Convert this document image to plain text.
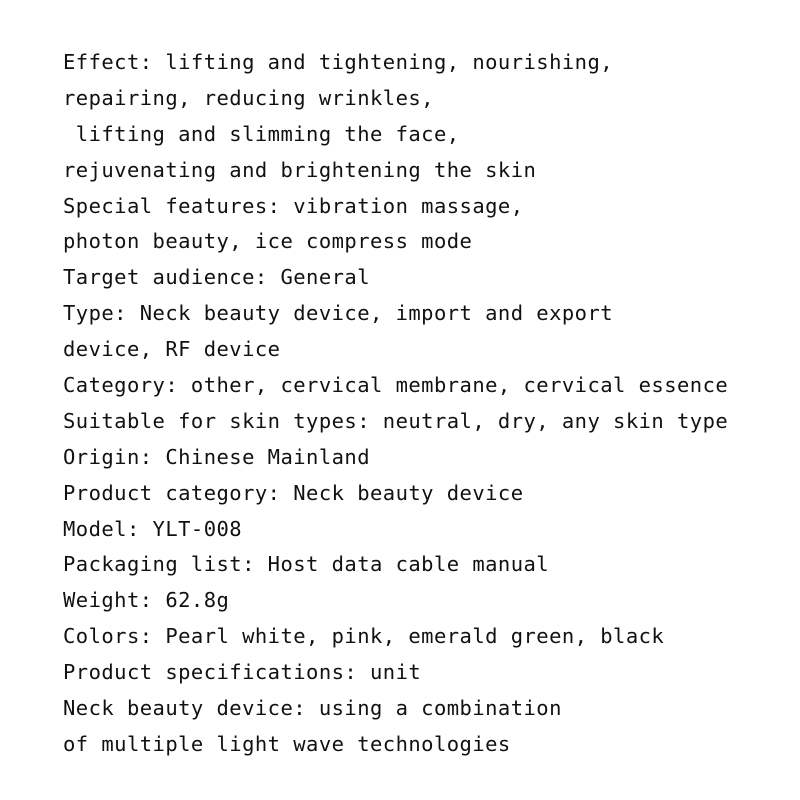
Effect: lifting and tightening, nourishing,
repairing, reducing wrinkles,
lifting and slimming the face,
rejuvenating and brightening the skin
Special features: vibration massage,
photon beauty, ice compress mode
Target audience: General
Type: Neck beauty device, import and export
device, RF device
Category: other, cervical membrane, cervical essence
Suitable for skin types: neutral, dry, any skin type
Origin: Chinese Mainland
Product category: Neck beauty device
Model: YLT-008
Packaging list: Host data cable manual
Weight: 62.8g
Colors: Pearl white, pink, emerald green, black
Product specifications: unit
Neck beauty device: using a combination
of multiple light wave technologies
